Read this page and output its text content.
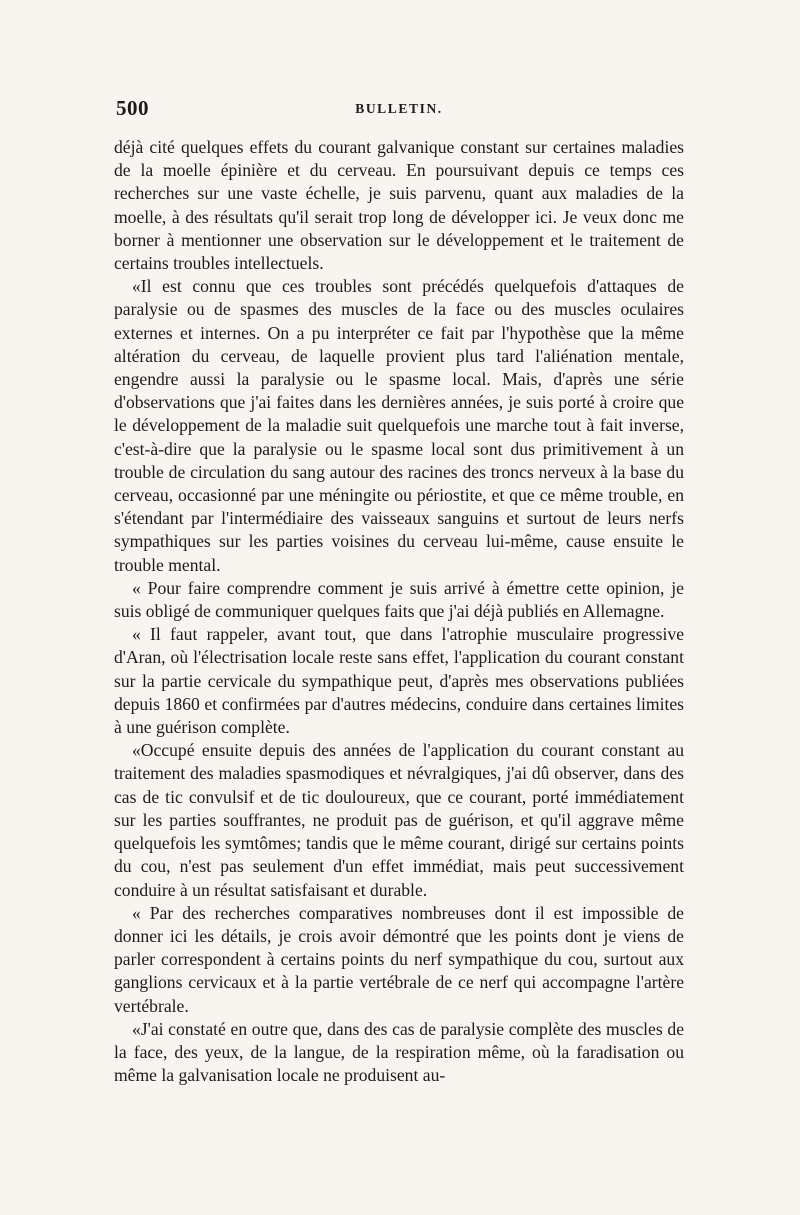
500	BULLETIN.

déjà cité quelques effets du courant galvanique constant sur certaines maladies de la moelle épinière et du cerveau. En poursuivant depuis ce temps ces recherches sur une vaste échelle, je suis parvenu, quant aux maladies de la moelle, à des résultats qu'il serait trop long de développer ici. Je veux donc me borner à mentionner une observation sur le développement et le traitement de certains troubles intellectuels.

«Il est connu que ces troubles sont précédés quelquefois d'attaques de paralysie ou de spasmes des muscles de la face ou des muscles oculaires externes et internes. On a pu interpréter ce fait par l'hypothèse que la même altération du cerveau, de laquelle provient plus tard l'aliénation mentale, engendre aussi la paralysie ou le spasme local. Mais, d'après une série d'observations que j'ai faites dans les dernières années, je suis porté à croire que le développement de la maladie suit quelquefois une marche tout à fait inverse, c'est-à-dire que la paralysie ou le spasme local sont dus primitivement à un trouble de circulation du sang autour des racines des troncs nerveux à la base du cerveau, occasionné par une méningite ou périostite, et que ce même trouble, en s'étendant par l'intermédiaire des vaisseaux sanguins et surtout de leurs nerfs sympathiques sur les parties voisines du cerveau lui-même, cause ensuite le trouble mental.

« Pour faire comprendre comment je suis arrivé à émettre cette opinion, je suis obligé de communiquer quelques faits que j'ai déjà publiés en Allemagne.

« Il faut rappeler, avant tout, que dans l'atrophie musculaire progressive d'Aran, où l'électrisation locale reste sans effet, l'application du courant constant sur la partie cervicale du sympathique peut, d'après mes observations publiées depuis 1860 et confirmées par d'autres médecins, conduire dans certaines limites à une guérison complète.

«Occupé ensuite depuis des années de l'application du courant constant au traitement des maladies spasmodiques et névralgiques, j'ai dû observer, dans des cas de tic convulsif et de tic douloureux, que ce courant, porté immédiatement sur les parties souffrantes, ne produit pas de guérison, et qu'il aggrave même quelquefois les symtômes; tandis que le même courant, dirigé sur certains points du cou, n'est pas seulement d'un effet immédiat, mais peut successivement conduire à un résultat satisfaisant et durable.

« Par des recherches comparatives nombreuses dont il est impossible de donner ici les détails, je crois avoir démontré que les points dont je viens de parler correspondent à certains points du nerf sympathique du cou, surtout aux ganglions cervicaux et à la partie vertébrale de ce nerf qui accompagne l'artère vertébrale.

«J'ai constaté en outre que, dans des cas de paralysie complète des muscles de la face, des yeux, de la langue, de la respiration même, où la faradisation ou même la galvanisation locale ne produisent au-
